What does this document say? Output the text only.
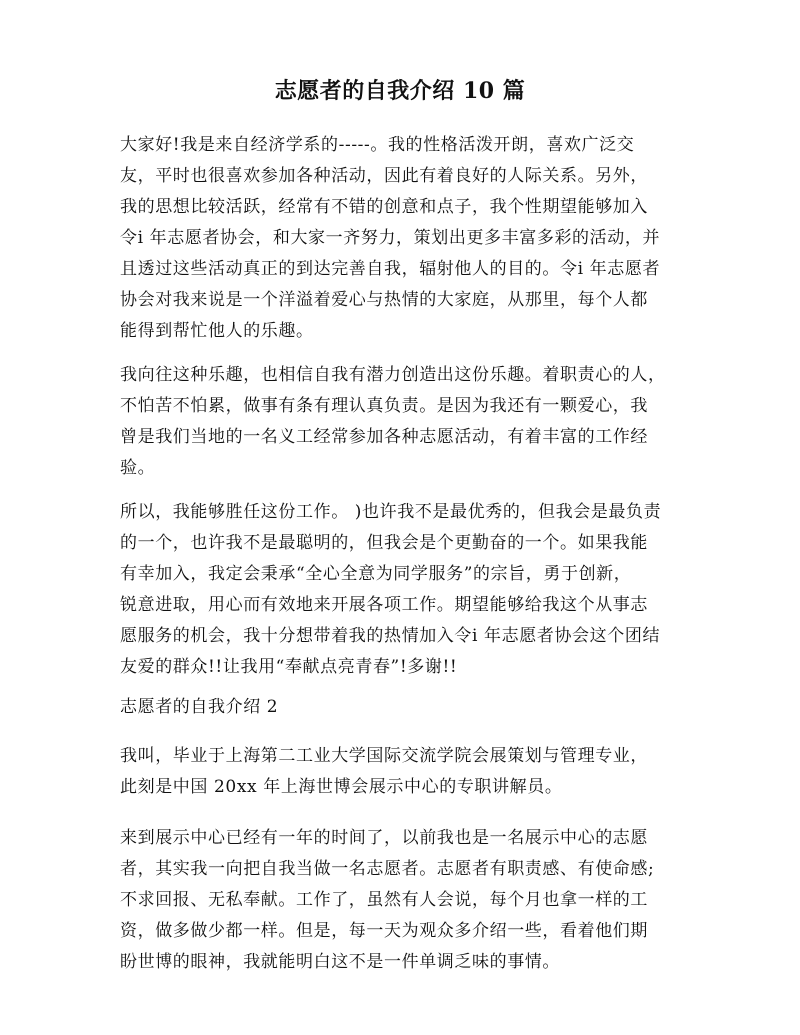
志愿者的自我介绍 10 篇
大家好!我是来自经济学系的-----。我的性格活泼开朗，喜欢广泛交
友，平时也很喜欢参加各种活动，因此有着良好的人际关系。另外，
我的思想比较活跃，经常有不错的创意和点子，我个性期望能够加入
令i 年志愿者协会，和大家一齐努力，策划出更多丰富多彩的活动，并
且透过这些活动真正的到达完善自我，辐射他人的目的。令i 年志愿者
协会对我来说是一个洋溢着爱心与热情的大家庭，从那里，每个人都
能得到帮忙他人的乐趣。
我向往这种乐趣，也相信自我有潜力创造出这份乐趣。着职责心的人，
不怕苦不怕累，做事有条有理认真负责。是因为我还有一颗爱心，我
曾是我们当地的一名义工经常参加各种志愿活动，有着丰富的工作经
验。
所以，我能够胜任这份工作。 )也许我不是最优秀的，但我会是最负责
的一个，也许我不是最聪明的，但我会是个更勤奋的一个。如果我能
有幸加入，我定会秉承“全心全意为同学服务”的宗旨，勇于创新，
锐意进取，用心而有效地来开展各项工作。期望能够给我这个从事志
愿服务的机会，我十分想带着我的热情加入令i 年志愿者协会这个团结
友爱的群众!!让我用“奉献点亮青春”!多谢!!
志愿者的自我介绍 2
我叫，毕业于上海第二工业大学国际交流学院会展策划与管理专业，
此刻是中国 20xx 年上海世博会展示中心的专职讲解员。
来到展示中心已经有一年的时间了，以前我也是一名展示中心的志愿
者，其实我一向把自我当做一名志愿者。志愿者有职责感、有使命感;
不求回报、无私奉献。工作了，虽然有人会说，每个月也拿一样的工
资，做多做少都一样。但是，每一天为观众多介绍一些，看着他们期
盼世博的眼神，我就能明白这不是一件单调乏味的事情。
